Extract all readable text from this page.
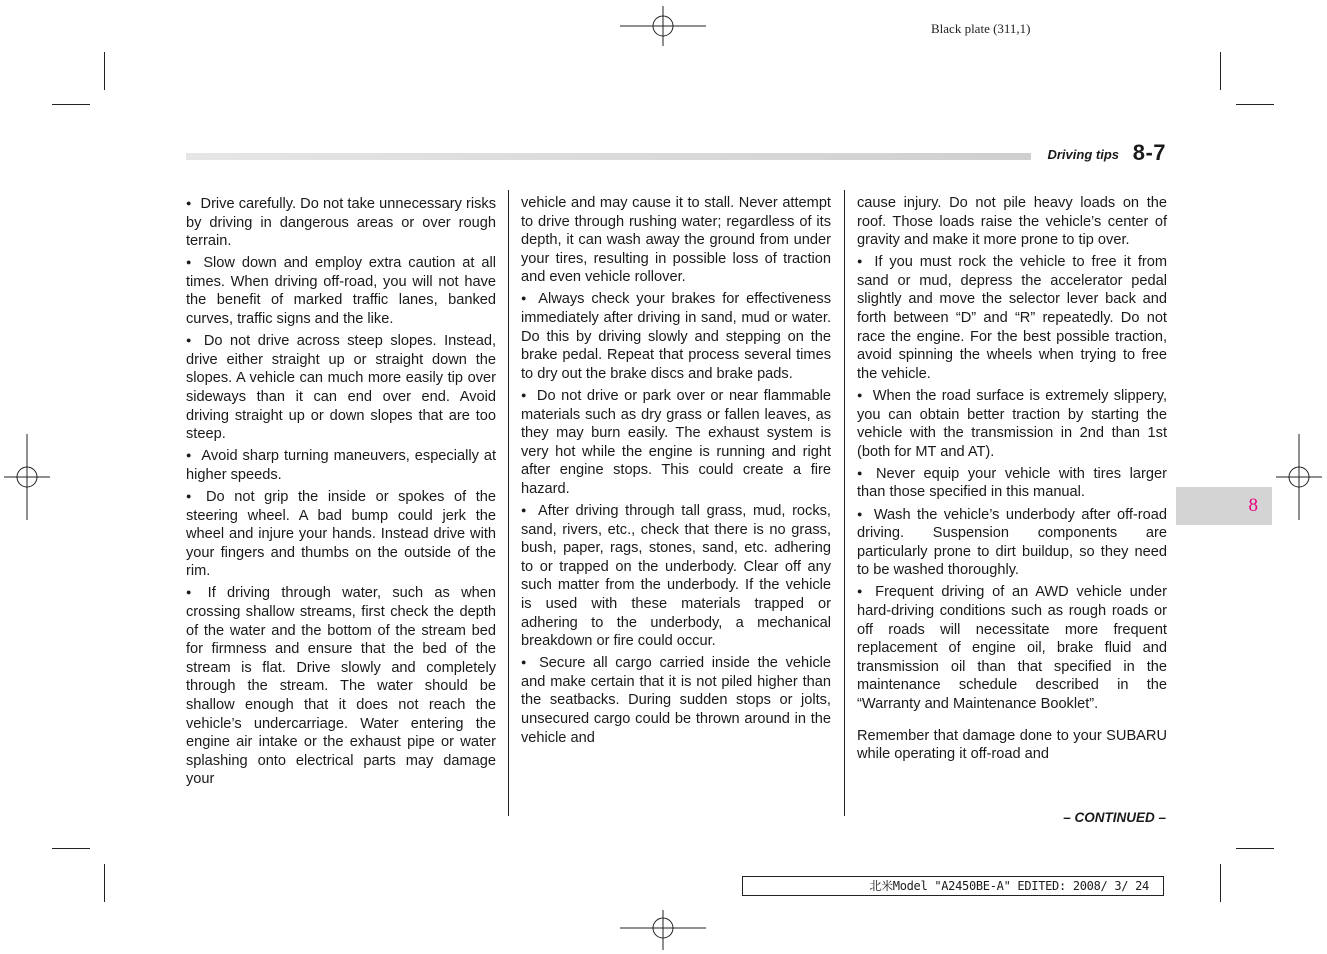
Black plate (311,1)
Driving tips 8-7

● Drive carefully. Do not take unnecessary risks by driving in dangerous areas or over rough terrain.

● Slow down and employ extra caution at all times. When driving off-road, you will not have the benefit of marked traffic lanes, banked curves, traffic signs and the like.

● Do not drive across steep slopes. Instead, drive either straight up or straight down the slopes. A vehicle can much more easily tip over sideways than it can end over end. Avoid driving straight up or down slopes that are too steep.

● Avoid sharp turning maneuvers, especially at higher speeds.

● Do not grip the inside or spokes of the steering wheel. A bad bump could jerk the wheel and injure your hands. Instead drive with your fingers and thumbs on the outside of the rim.

● If driving through water, such as when crossing shallow streams, first check the depth of the water and the bottom of the stream bed for firmness and ensure that the bed of the stream is flat. Drive slowly and completely through the stream. The water should be shallow enough that it does not reach the vehicle’s undercarriage. Water entering the engine air intake or the exhaust pipe or water splashing onto electrical parts may damage your

vehicle and may cause it to stall. Never attempt to drive through rushing water; regardless of its depth, it can wash away the ground from under your tires, resulting in possible loss of traction and even vehicle rollover.

● Always check your brakes for effectiveness immediately after driving in sand, mud or water. Do this by driving slowly and stepping on the brake pedal. Repeat that process several times to dry out the brake discs and brake pads.

● Do not drive or park over or near flammable materials such as dry grass or fallen leaves, as they may burn easily. The exhaust system is very hot while the engine is running and right after engine stops. This could create a fire hazard.

● After driving through tall grass, mud, rocks, sand, rivers, etc., check that there is no grass, bush, paper, rags, stones, sand, etc. adhering to or trapped on the underbody. Clear off any such matter from the underbody. If the vehicle is used with these materials trapped or adhering to the underbody, a mechanical breakdown or fire could occur.

● Secure all cargo carried inside the vehicle and make certain that it is not piled higher than the seatbacks. During sudden stops or jolts, unsecured cargo could be thrown around in the vehicle and

cause injury. Do not pile heavy loads on the roof. Those loads raise the vehicle’s center of gravity and make it more prone to tip over.

● If you must rock the vehicle to free it from sand or mud, depress the accelerator pedal slightly and move the selector lever back and forth between “D” and “R” repeatedly. Do not race the engine. For the best possible traction, avoid spinning the wheels when trying to free the vehicle.

● When the road surface is extremely slippery, you can obtain better traction by starting the vehicle with the transmission in 2nd than 1st (both for MT and AT).

● Never equip your vehicle with tires larger than those specified in this manual.

● Wash the vehicle’s underbody after off-road driving. Suspension components are particularly prone to dirt buildup, so they need to be washed thoroughly.

● Frequent driving of an AWD vehicle under hard-driving conditions such as rough roads or off roads will necessitate more frequent replacement of engine oil, brake fluid and transmission oil than that specified in the maintenance schedule described in the “Warranty and Maintenance Booklet”.

Remember that damage done to your SUBARU while operating it off-road and

8
– CONTINUED –
北米Model "A2450BE-A" EDITED: 2008/ 3/ 24
